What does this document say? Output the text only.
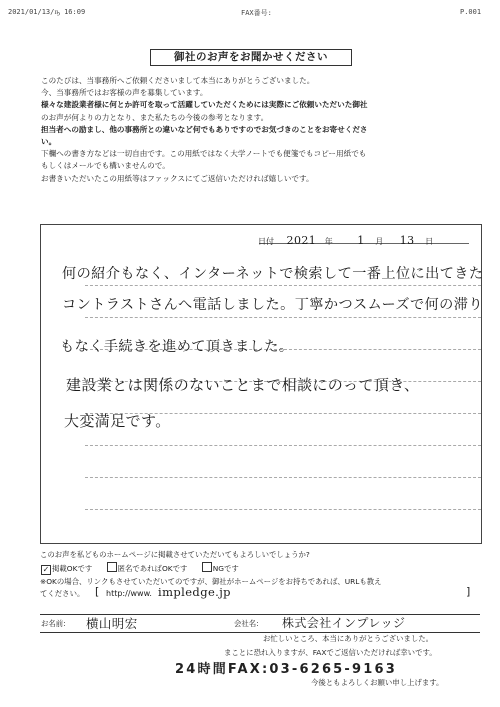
2021/01/13/ҧ 16:09	FAX番号:	P.001
御社のお声をお聞かせください
このたびは、当事務所へご依頼くださいまして本当にありがとうございました。
今、当事務所ではお客様の声を募集しています。
様々な建設業者様に何とか許可を取って活躍していただくためには実際にご依頼いただいた御社
のお声が何よりの力となり、また私たちの今後の参考となります。
担当者への励まし、他の事務所との違いなど何でもありですのでお気づきのことをお寄せくださ
い。
下欄への書き方などは一切自由です。この用紙ではなく大学ノートでも便箋でもコピー用紙でも
もしくはメールでも構いませんので。
お書きいただいたこの用紙等はファックスにてご返信いただければ嬉しいです。
日付 2021 年 1 月 13 日
何の紹介もなく、インターネットで検索して一番上位に出てきた
コントラストさんへ電話しました。丁寧かつスムーズで何の滞り
もなく手続きを進めて頂きました。
建設業とは関係のないことまで相談にのって頂き、
大変満足です。
このお声を私どものホームページに掲載させていただいてもよろしいでしょうか?
✓ 掲載OKです	匿名であればOKです	NGです
※OKの場合、リンクもさせていただいてのですが、御社がホームページをお持ちであれば、URLも教え
てください。 [ http://www. impledge.jp	]
お名前: 横山明宏	会社名: 株式会社インプレッジ
お忙しいところ、本当にありがとうございました。
まことに恐れ入りますが、FAXでご返信いただければ幸いです。
24時間FAX:03-6265-9163
今後ともよろしくお願い申し上げます。
